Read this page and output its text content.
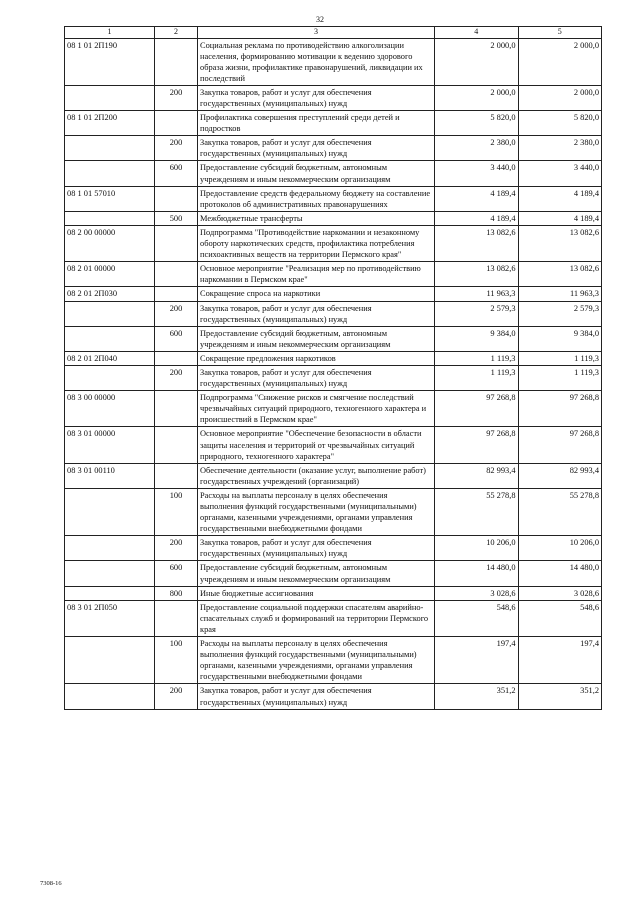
32
1	2	3	4	5
08 1 01 2П190		Социальная реклама по противодействию алкоголизации населения, формированию мотивации к ведению здорового образа жизни, профилактике правонарушений, ликвидации их последствий	2 000,0	2 000,0
	200	Закупка товаров, работ и услуг для обеспечения государственных (муниципальных) нужд	2 000,0	2 000,0
08 1 01 2П200		Профилактика совершения преступлений среди детей и подростков	5 820,0	5 820,0
	200	Закупка товаров, работ и услуг для обеспечения государственных (муниципальных) нужд	2 380,0	2 380,0
	600	Предоставление субсидий бюджетным, автономным учреждениям и иным некоммерческим организациям	3 440,0	3 440,0
08 1 01 57010		Предоставление средств федеральному бюджету на составление протоколов об административных правонарушениях	4 189,4	4 189,4
	500	Межбюджетные трансферты	4 189,4	4 189,4
08 2 00 00000		Подпрограмма "Противодействие наркомании и незаконному обороту наркотических средств, профилактика потребления психоактивных веществ на территории Пермского края"	13 082,6	13 082,6
08 2 01 00000		Основное мероприятие "Реализация мер по противодействию наркомании в Пермском крае"	13 082,6	13 082,6
08 2 01 2П030		Сокращение спроса на наркотики	11 963,3	11 963,3
	200	Закупка товаров, работ и услуг для обеспечения государственных (муниципальных) нужд	2 579,3	2 579,3
	600	Предоставление субсидий бюджетным, автономным учреждениям и иным некоммерческим организациям	9 384,0	9 384,0
08 2 01 2П040		Сокращение предложения наркотиков	1 119,3	1 119,3
	200	Закупка товаров, работ и услуг для обеспечения государственных (муниципальных) нужд	1 119,3	1 119,3
08 3 00 00000		Подпрограмма "Снижение рисков и смягчение последствий чрезвычайных ситуаций природного, техногенного характера и происшествий в Пермском крае"	97 268,8	97 268,8
08 3 01 00000		Основное мероприятие "Обеспечение безопасности в области защиты населения и территорий от чрезвычайных ситуаций природного, техногенного характера"	97 268,8	97 268,8
08 3 01 00110		Обеспечение деятельности (оказание услуг, выполнение работ) государственных учреждений (организаций)	82 993,4	82 993,4
	100	Расходы на выплаты персоналу в целях обеспечения выполнения функций государственными (муниципальными) органами, казенными учреждениями, органами управления государственными внебюджетными фондами	55 278,8	55 278,8
	200	Закупка товаров, работ и услуг для обеспечения государственных (муниципальных) нужд	10 206,0	10 206,0
	600	Предоставление субсидий бюджетным, автономным учреждениям и иным некоммерческим организациям	14 480,0	14 480,0
	800	Иные бюджетные ассигнования	3 028,6	3 028,6
08 3 01 2П050		Предоставление социальной поддержки спасателям аварийно-спасательных служб и формирований на территории Пермского края	548,6	548,6
	100	Расходы на выплаты персоналу в целях обеспечения выполнения функций государственными (муниципальными) органами, казенными учреждениями, органами управления государственными внебюджетными фондами	197,4	197,4
	200	Закупка товаров, работ и услуг для обеспечения государственных (муниципальных) нужд	351,2	351,2
7308-16
